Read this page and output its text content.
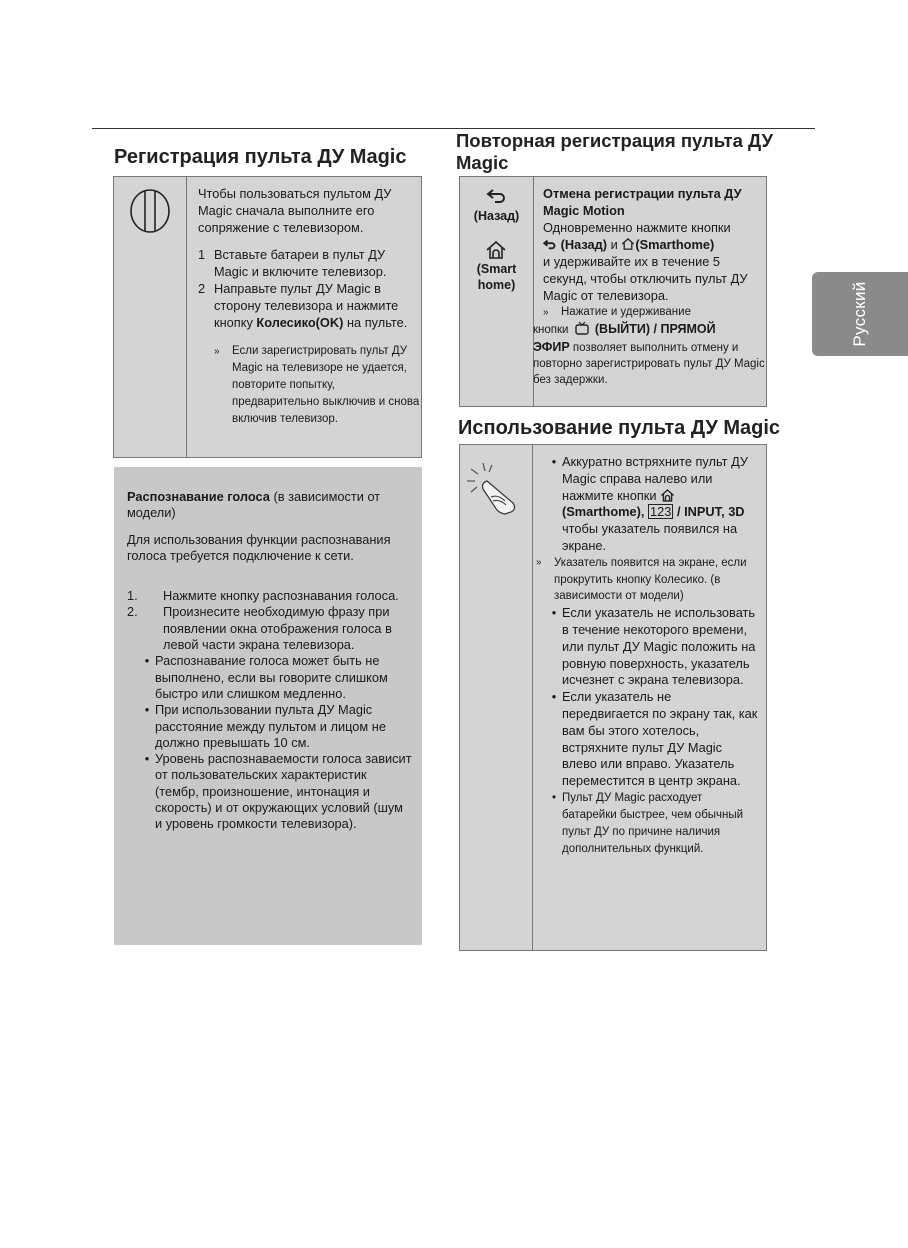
Регистрация пульта ДУ Magic

Чтобы пользоваться пультом ДУ Magic сначала выполните его сопряжение с телевизором.

1 Вставьте батареи в пульт ДУ Magic и включите телевизор.
2 Направьте пульт ДУ Magic в сторону телевизора и нажмите кнопку Колесико(OK) на пульте.
»	Если зарегистрировать пульт ДУ Magic на телевизоре не удается, повторите попытку, предварительно выключив и снова включив телевизор.

Распознавание голоса (в зависимости от модели)

Для использования функции распознавания голоса требуется подключение к сети.

1.	Нажмите кнопку распознавания голоса.
2.	Произнесите необходимую фразу при появлении окна отображения голоса в левой части экрана телевизора.
• Распознавание голоса может быть не выполнено, если вы говорите слишком быстро или слишком медленно.
• При использовании пульта ДУ Magic расстояние между пультом и лицом не должно превышать 10 см.
• Уровень распознаваемости голоса зависит от пользовательских характеристик (тембр, произношение, интонация и скорость) и от окружающих условий (шум и уровень громкости телевизора).
Повторная регистрация пульта ДУ Magic
(Назад)
(Smart home)

Отмена регистрации пульта ДУ Magic Motion

Одновременно нажмите кнопки

(Назад) и (Smarthome)

и удерживайте их в течение 5 секунд, чтобы отключить пульт ДУ Magic от телевизора.

»	Нажатие и удерживание

кнопки (ВЫЙТИ) / ПРЯМОЙ

ЭФИР позволяет выполнить отмену и повторно зарегистрировать пульт ДУ Magic без задержки.

Использование пульта ДУ Magic
• Аккуратно встряхните пульт ДУ Magic справа налево или нажмите кнопки  (Smarthome), 123 / INPUT, 3D чтобы указатель появился на экране.
»	Указатель появится на экране, если прокрутить кнопку Колесико. (в зависимости от модели)
• Если указатель не использовать в течение некоторого времени, или пульт ДУ Magic положить на ровную поверхность, указатель исчезнет с экрана телевизора.
• Если указатель не передвигается по экрану так, как вам бы этого хотелось, встряхните пульт ДУ Magic влево или вправо. Указатель переместится в центр экрана.
• Пульт ДУ Magic расходует батарейки быстрее, чем обычный пульт ДУ по причине наличия дополнительных функций.
Русский
